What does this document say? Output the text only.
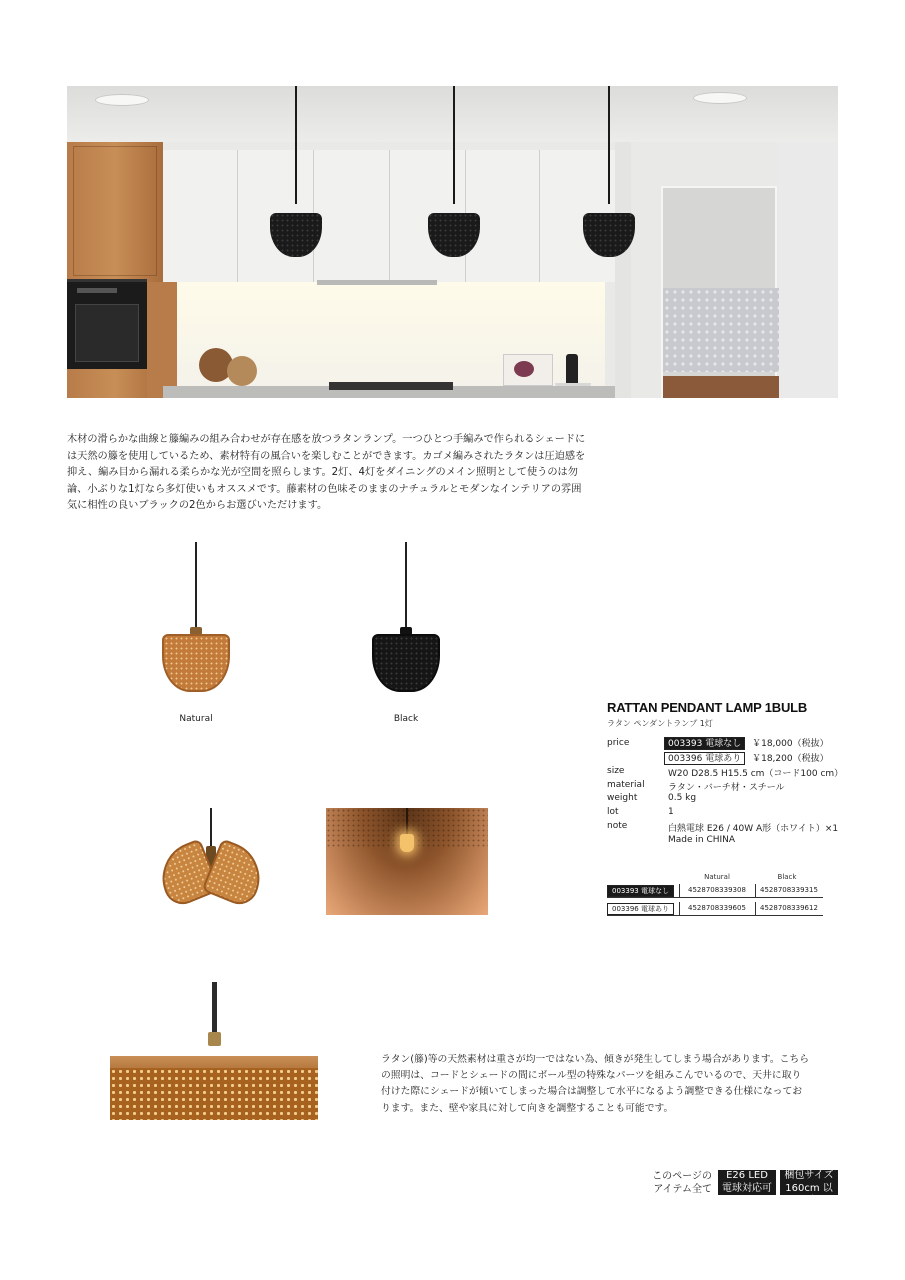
木材の滑らかな曲線と籐編みの組み合わせが存在感を放つラタンランプ。一つひとつ手編みで作られるシェードには天然の籐を使用しているため、素材特有の風合いを楽しむことができます。カゴメ編みされたラタンは圧迫感を抑え、編み目から漏れる柔らかな光が空間を照らします。2灯、4灯をダイニングのメイン照明として使うのは勿論、小ぶりな1灯なら多灯使いもオススメです。藤素材の色味そのままのナチュラルとモダンなインテリアの雰囲気に相性の良いブラックの2色からお選びいただけます。

Natural	Black
RATTAN PENDANT LAMP 1BULB
ラタン ペンダントランプ 1灯
price	003393 電球なし ￥18,000（税抜）
003396 電球あり ￥18,200（税抜）
size	W20 D28.5 H15.5 cm（コード100 cm）
material	ラタン・バーチ材・スチール
weight	0.5 kg
lot	1
note	白熱電球 E26 / 40W A形（ホワイト）×1
Made in CHINA
Natural	Black
003393 電球なし	4528708339308 4528708339315
003396 電球あり	4528708339605 4528708339612

ラタン(籐)等の天然素材は重さが均一ではない為、傾きが発生してしまう場合があります。こちらの照明は、コードとシェードの間にボール型の特殊なパーツを組みこんでいるので、天井に取り付けた際にシェードが傾いてしまった場合は調整して水平になるよう調整できる仕様になっております。また、壁や家具に対して向きを調整することも可能です。

このページの
アイテム全て
E26 LED
電球対応可
梱包サイズ
160cm 以下
